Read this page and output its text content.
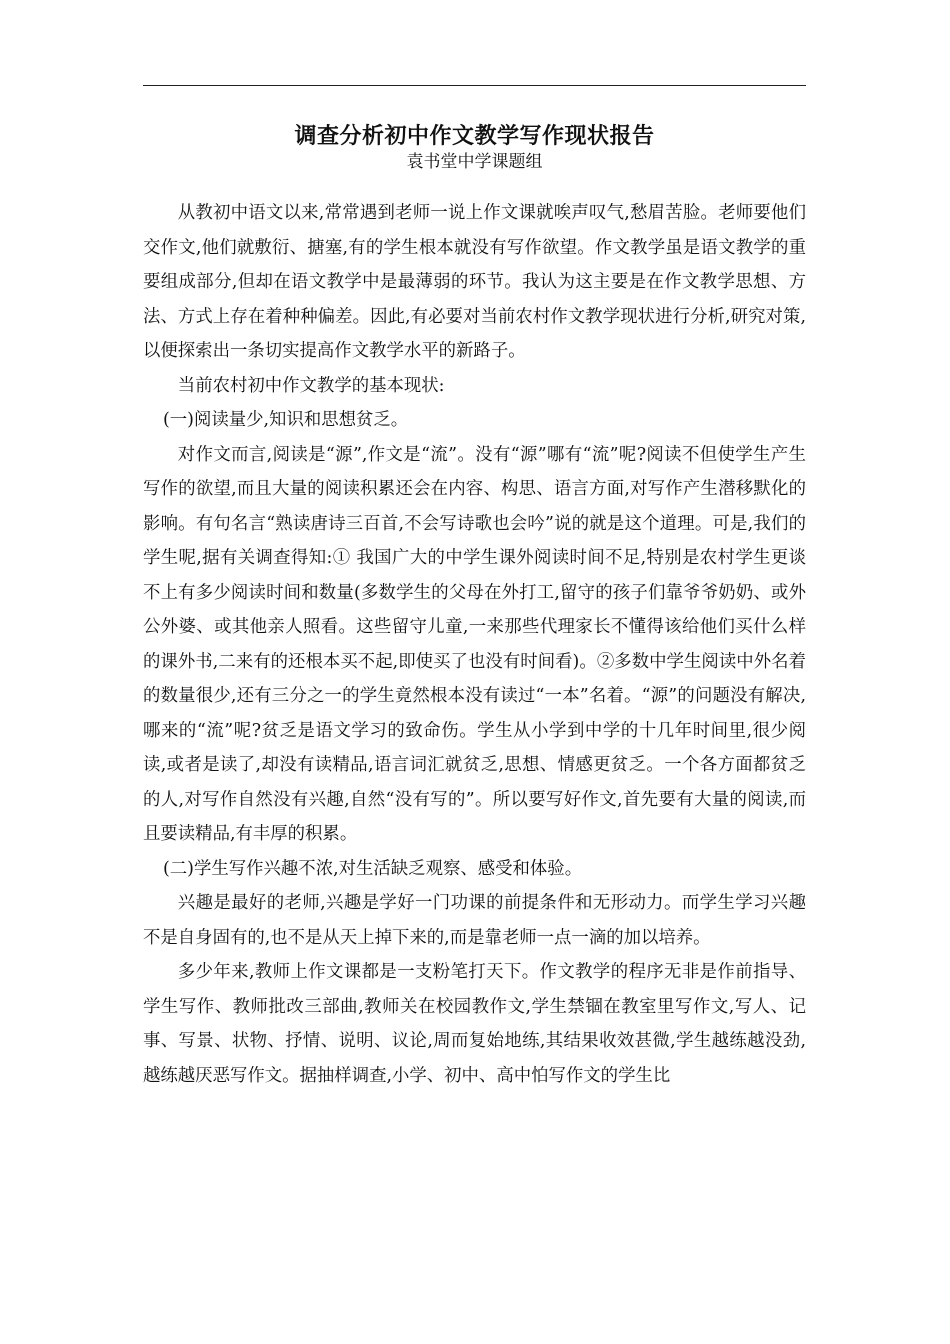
调查分析初中作文教学写作现状报告
袁书堂中学课题组

从教初中语文以来,常常遇到老师一说上作文课就唉声叹气,愁眉苦脸。老师要他们交作文,他们就敷衍、搪塞,有的学生根本就没有写作欲望。作文教学虽是语文教学的重要组成部分,但却在语文教学中是最薄弱的环节。我认为这主要是在作文教学思想、方法、方式上存在着种种偏差。因此,有必要对当前农村作文教学现状进行分析,研究对策,以便探索出一条切实提高作文教学水平的新路子。

当前农村初中作文教学的基本现状:

(一)阅读量少,知识和思想贫乏。

对作文而言,阅读是“源”,作文是“流”。没有“源”哪有“流”呢?阅读不但使学生产生写作的欲望,而且大量的阅读积累还会在内容、构思、语言方面,对写作产生潜移默化的影响。有句名言“熟读唐诗三百首,不会写诗歌也会吟”说的就是这个道理。可是,我们的学生呢,据有关调查得知:① 我国广大的中学生课外阅读时间不足,特别是农村学生更谈不上有多少阅读时间和数量(多数学生的父母在外打工,留守的孩子们靠爷爷奶奶、或外公外婆、或其他亲人照看。这些留守儿童,一来那些代理家长不懂得该给他们买什么样的课外书,二来有的还根本买不起,即使买了也没有时间看)。②多数中学生阅读中外名着的数量很少,还有三分之一的学生竟然根本没有读过“一本”名着。“源”的问题没有解决,哪来的“流”呢?贫乏是语文学习的致命伤。学生从小学到中学的十几年时间里,很少阅读,或者是读了,却没有读精品,语言词汇就贫乏,思想、情感更贫乏。一个各方面都贫乏的人,对写作自然没有兴趣,自然“没有写的”。所以要写好作文,首先要有大量的阅读,而且要读精品,有丰厚的积累。

(二)学生写作兴趣不浓,对生活缺乏观察、感受和体验。

兴趣是最好的老师,兴趣是学好一门功课的前提条件和无形动力。而学生学习兴趣不是自身固有的,也不是从天上掉下来的,而是靠老师一点一滴的加以培养。

多少年来,教师上作文课都是一支粉笔打天下。作文教学的程序无非是作前指导、学生写作、教师批改三部曲,教师关在校园教作文,学生禁锢在教室里写作文,写人、记事、写景、状物、抒情、说明、议论,周而复始地练,其结果收效甚微,学生越练越没劲,越练越厌恶写作文。据抽样调查,小学、初中、高中怕写作文的学生比
